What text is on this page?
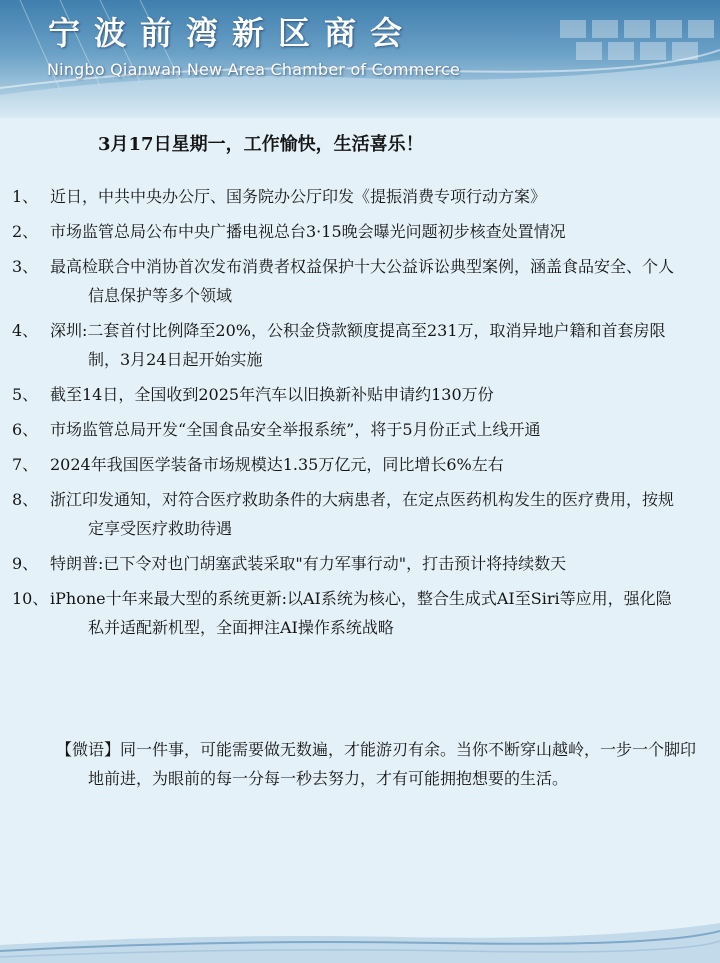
宁波前湾新区商会

Ningbo Qianwan New Area Chamber of Commerce

3月17日星期一，工作愉快，生活喜乐！
1、 近日，中共中央办公厅、国务院办公厅印发《提振消费专项行动方案》
2、 市场监管总局公布中央广播电视总台3·15晚会曝光问题初步核查处置情况
3、 最高检联合中消协首次发布消费者权益保护十大公益诉讼典型案例，涵盖食品安全、个人信息保护等多个领域
4、 深圳:二套首付比例降至20%，公积金贷款额度提高至231万，取消异地户籍和首套房限制，3月24日起开始实施
5、 截至14日，全国收到2025年汽车以旧换新补贴申请约130万份
6、 市场监管总局开发“全国食品安全举报系统”，将于5月份正式上线开通
7、 2024年我国医学装备市场规模达1.35万亿元，同比增长6%左右
8、 浙江印发通知，对符合医疗救助条件的大病患者，在定点医药机构发生的医疗费用，按规定享受医疗救助待遇
9、 特朗普:已下令对也门胡塞武装采取"有力军事行动"，打击预计将持续数天
10、 iPhone十年来最大型的系统更新:以AI系统为核心，整合生成式AI至Siri等应用，强化隐私并适配新机型，全面押注AI操作系统战略

【微语】同一件事，可能需要做无数遍，才能游刃有余。当你不断穿山越岭，一步一个脚印地前进，为眼前的每一分每一秒去努力，才有可能拥抱想要的生活。
